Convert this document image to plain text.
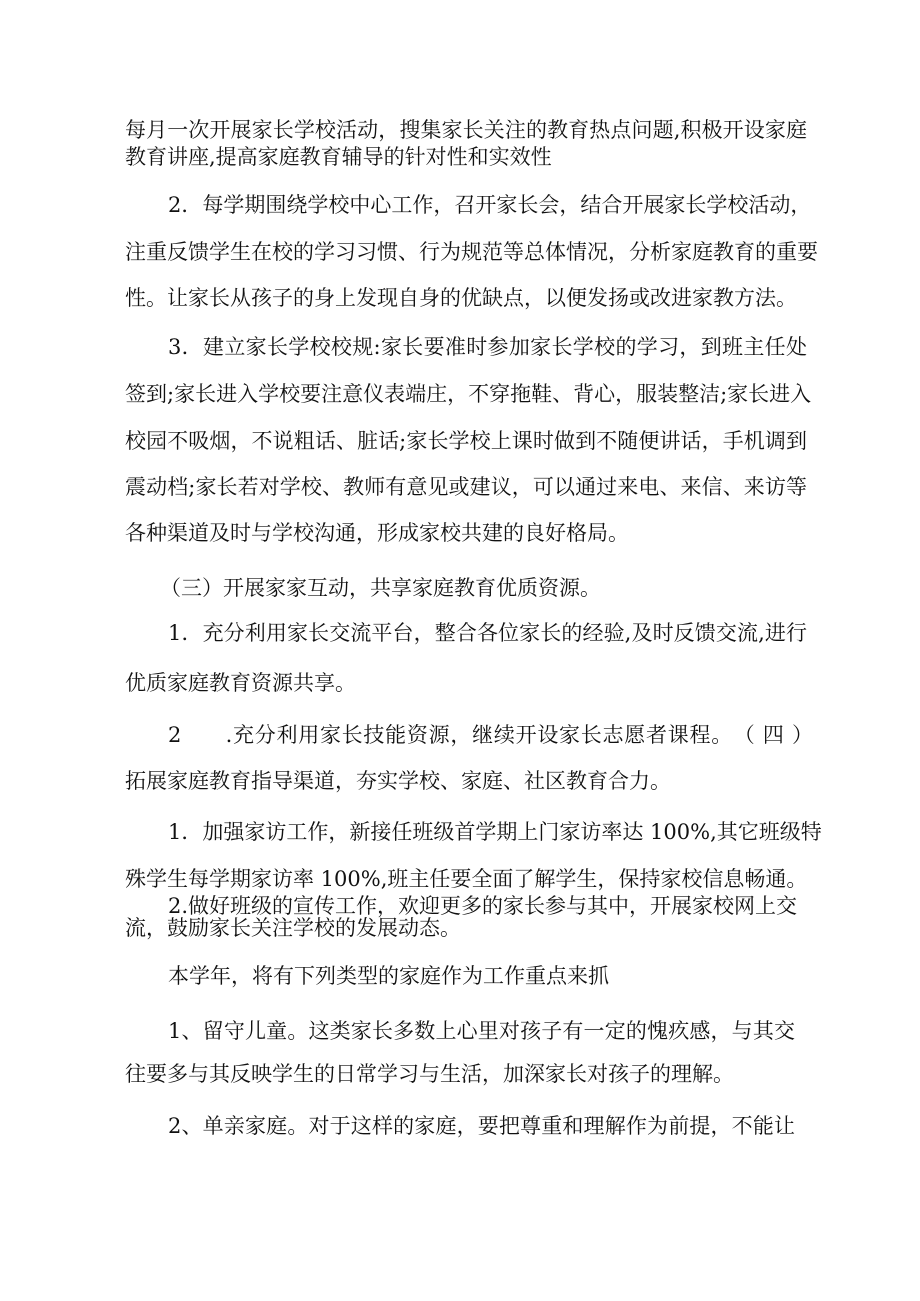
每月一次开展家长学校活动，搜集家长关注的教育热点问题,积极开设家庭
教育讲座,提高家庭教育辅导的针对性和实效性
2．每学期围绕学校中心工作，召开家长会，结合开展家长学校活动，
注重反馈学生在校的学习习惯、行为规范等总体情况，分析家庭教育的重要
性。让家长从孩子的身上发现自身的优缺点，以便发扬或改进家教方法。
3．建立家长学校校规:家长要准时参加家长学校的学习，到班主任处
签到;家长进入学校要注意仪表端庄，不穿拖鞋、背心，服装整洁;家长进入
校园不吸烟，不说粗话、脏话;家长学校上课时做到不随便讲话，手机调到
震动档;家长若对学校、教师有意见或建议，可以通过来电、来信、来访等
各种渠道及时与学校沟通，形成家校共建的良好格局。
（三）开展家家互动，共享家庭教育优质资源。
1．充分利用家长交流平台，整合各位家长的经验,及时反馈交流,进行
优质家庭教育资源共享。
2　　.充分利用家长技能资源，继续开设家长志愿者课程。　（ 四 ）
拓展家庭教育指导渠道，夯实学校、家庭、社区教育合力。
1．加强家访工作，新接任班级首学期上门家访率达 100%,其它班级特
殊学生每学期家访率 100%,班主任要全面了解学生，保持家校信息畅通。
2.做好班级的宣传工作，欢迎更多的家长参与其中，开展家校网上交
流，鼓励家长关注学校的发展动态。
本学年，将有下列类型的家庭作为工作重点来抓
1、留守儿童。这类家长多数上心里对孩子有一定的愧疚感，与其交
往要多与其反映学生的日常学习与生活，加深家长对孩子的理解。
2、单亲家庭。对于这样的家庭，要把尊重和理解作为前提，不能让
